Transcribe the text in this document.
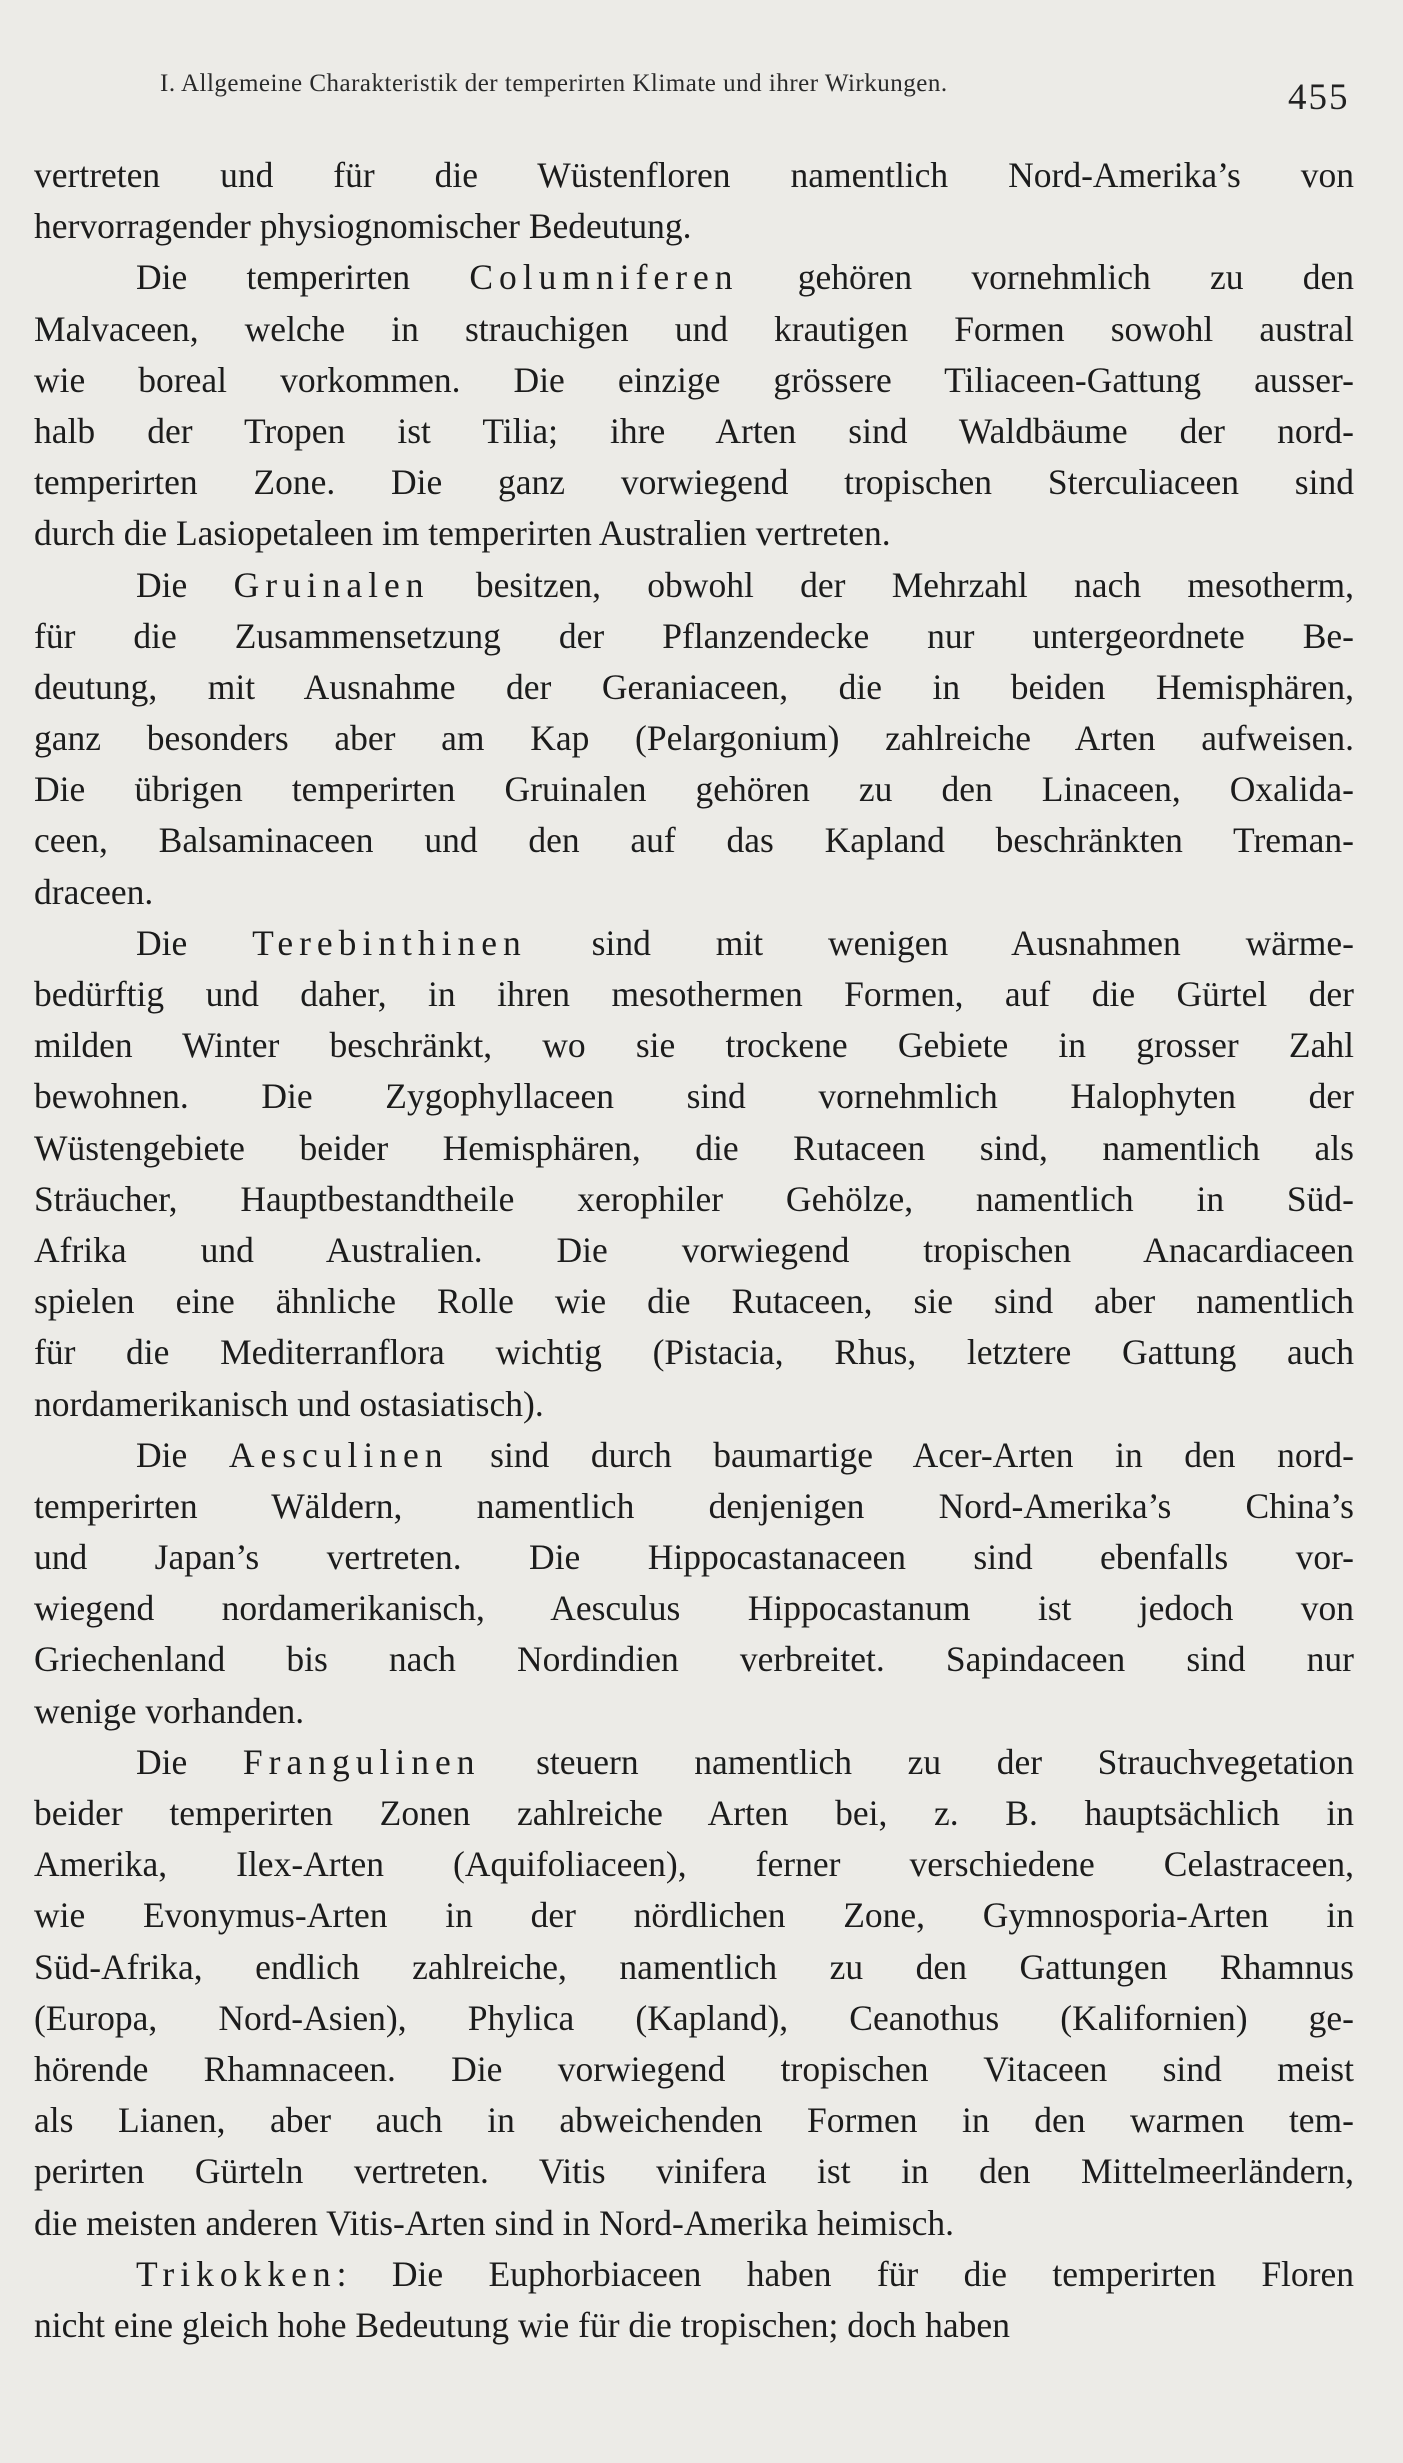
I. Allgemeine Charakteristik der temperirten Klimate und ihrer Wirkungen.	455
vertreten und für die Wüstenfloren namentlich Nord-Amerika’s von
hervorragender physiognomischer Bedeutung.
Die temperirten Columniferen gehören vornehmlich zu den
Malvaceen, welche in strauchigen und krautigen Formen sowohl austral
wie boreal vorkommen. Die einzige grössere Tiliaceen-Gattung ausser-
halb der Tropen ist Tilia; ihre Arten sind Waldbäume der nord-
temperirten Zone. Die ganz vorwiegend tropischen Sterculiaceen sind
durch die Lasiopetaleen im temperirten Australien vertreten.
Die Gruinalen besitzen, obwohl der Mehrzahl nach mesotherm,
für die Zusammensetzung der Pflanzendecke nur untergeordnete Be-
deutung, mit Ausnahme der Geraniaceen, die in beiden Hemisphären,
ganz besonders aber am Kap (Pelargonium) zahlreiche Arten aufweisen.
Die übrigen temperirten Gruinalen gehören zu den Linaceen, Oxalida-
ceen, Balsaminaceen und den auf das Kapland beschränkten Treman-
draceen.
Die Terebinthinen sind mit wenigen Ausnahmen wärme-
bedürftig und daher, in ihren mesothermen Formen, auf die Gürtel der
milden Winter beschränkt, wo sie trockene Gebiete in grosser Zahl
bewohnen. Die Zygophyllaceen sind vornehmlich Halophyten der
Wüstengebiete beider Hemisphären, die Rutaceen sind, namentlich als
Sträucher, Hauptbestandtheile xerophiler Gehölze, namentlich in Süd-
Afrika und Australien. Die vorwiegend tropischen Anacardiaceen
spielen eine ähnliche Rolle wie die Rutaceen, sie sind aber namentlich
für die Mediterranflora wichtig (Pistacia, Rhus, letztere Gattung auch
nordamerikanisch und ostasiatisch).
Die Aesculinen sind durch baumartige Acer-Arten in den nord-
temperirten Wäldern, namentlich denjenigen Nord-Amerika’s China’s
und Japan’s vertreten. Die Hippocastanaceen sind ebenfalls vor-
wiegend nordamerikanisch, Aesculus Hippocastanum ist jedoch von
Griechenland bis nach Nordindien verbreitet. Sapindaceen sind nur
wenige vorhanden.
Die Frangulinen steuern namentlich zu der Strauchvegetation
beider temperirten Zonen zahlreiche Arten bei, z. B. hauptsächlich in
Amerika, Ilex-Arten (Aquifoliaceen), ferner verschiedene Celastraceen,
wie Evonymus-Arten in der nördlichen Zone, Gymnosporia-Arten in
Süd-Afrika, endlich zahlreiche, namentlich zu den Gattungen Rhamnus
(Europa, Nord-Asien), Phylica (Kapland), Ceanothus (Kalifornien) ge-
hörende Rhamnaceen. Die vorwiegend tropischen Vitaceen sind meist
als Lianen, aber auch in abweichenden Formen in den warmen tem-
perirten Gürteln vertreten. Vitis vinifera ist in den Mittelmeerländern,
die meisten anderen Vitis-Arten sind in Nord-Amerika heimisch.
Trikokken: Die Euphorbiaceen haben für die temperirten Floren
nicht eine gleich hohe Bedeutung wie für die tropischen; doch haben
